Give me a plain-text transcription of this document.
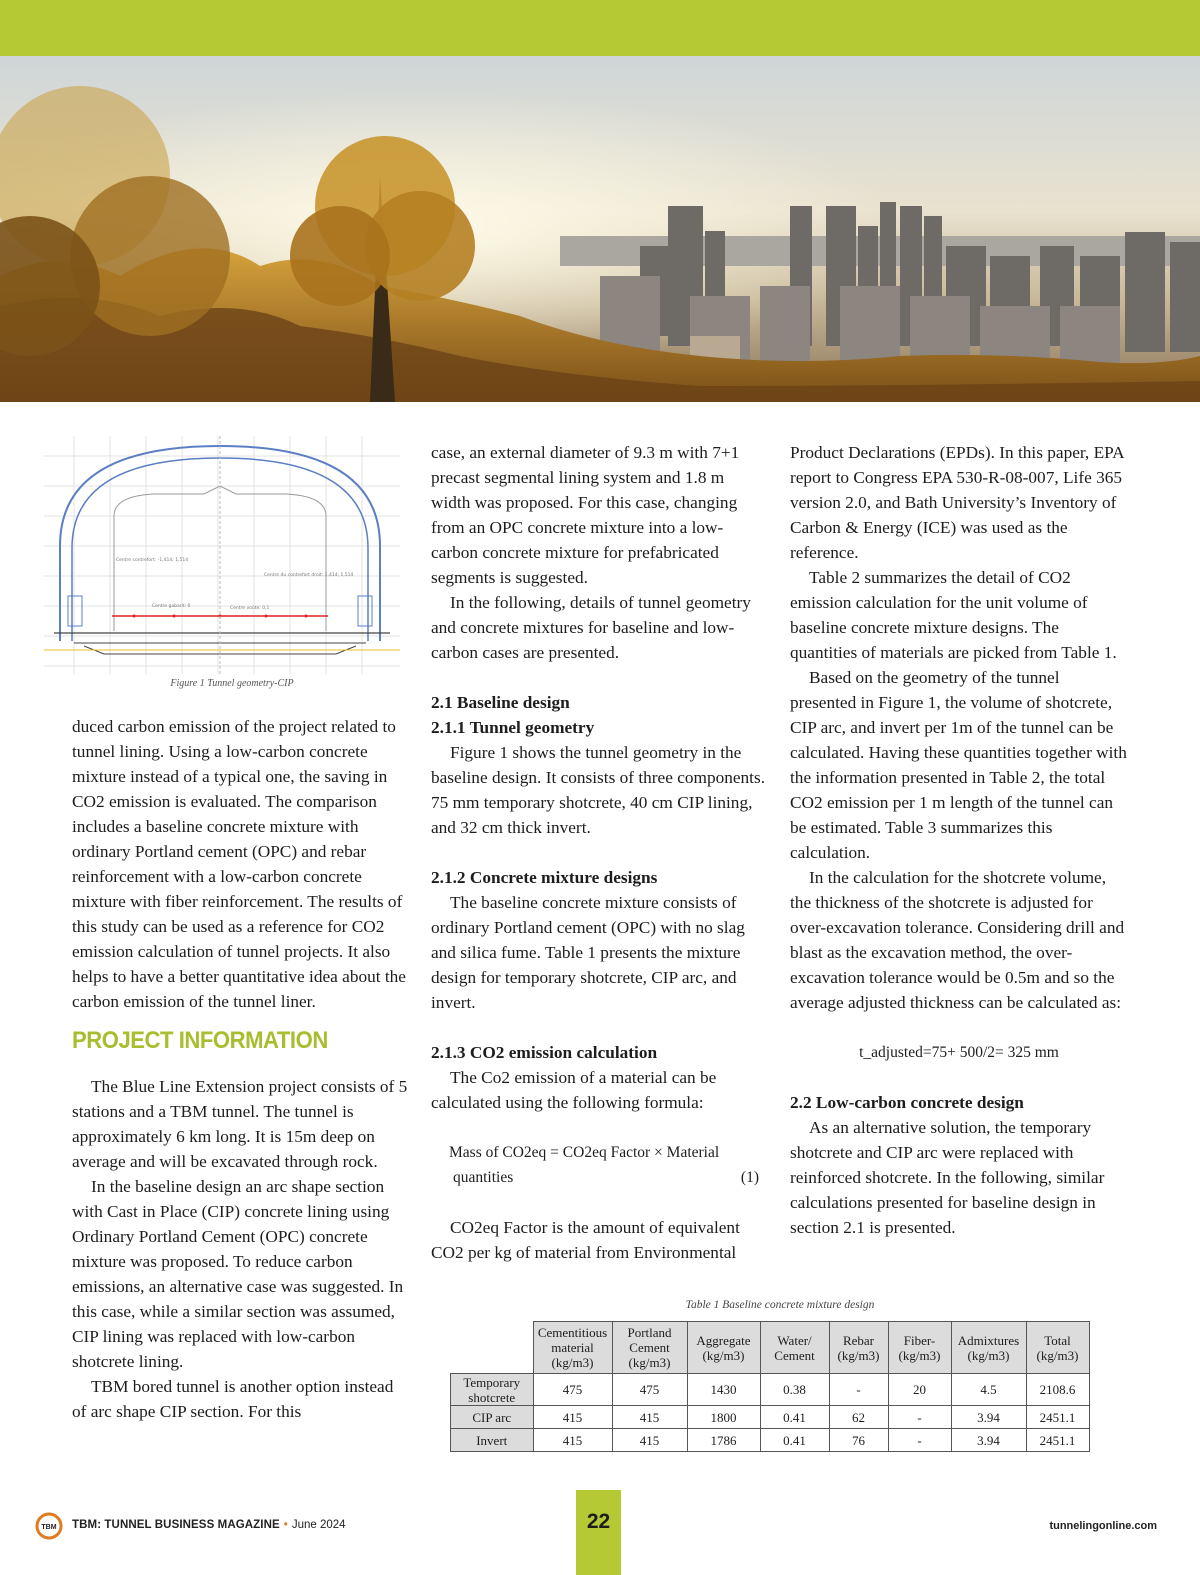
Centre contrefort: -1,414; 1,514
Centre du contrefort droit: 1,414; 1,514
Centre gabarit: 0	Centre voûte: 0,1
Figure 1 Tunnel geometry-CIP

duced carbon emission of the project related to tunnel lining. Using a low-carbon concrete mixture instead of a typical one, the saving in CO2 emission is evaluated. The comparison includes a baseline concrete mixture with ordinary Portland cement (OPC) and rebar reinforcement with a low-carbon concrete mixture with fiber reinforcement. The results of this study can be used as a reference for CO2 emission calculation of tunnel projects. It also helps to have a better quantitative idea about the carbon emission of the tunnel liner.

PROJECT INFORMATION

The Blue Line Extension project consists of 5 stations and a TBM tunnel. The tunnel is approximately 6 km long. It is 15m deep on average and will be excavated through rock.

In the baseline design an arc shape section with Cast in Place (CIP) concrete lining using Ordinary Portland Cement (OPC) concrete mixture was proposed. To reduce carbon emissions, an alternative case was suggested. In this case, while a similar section was assumed, CIP lining was replaced with low-carbon shotcrete lining.

TBM bored tunnel is another option instead of arc shape CIP section. For this

case, an external diameter of 9.3 m with 7+1 precast segmental lining system and 1.8 m width was proposed. For this case, changing from an OPC concrete mixture into a low-carbon concrete mixture for prefabricated segments is suggested.

In the following, details of tunnel geometry and concrete mixtures for baseline and low-carbon cases are presented.

2.1 Baseline design
2.1.1 Tunnel geometry

Figure 1 shows the tunnel geometry in the baseline design. It consists of three components. 75 mm temporary shotcrete, 40 cm CIP lining, and 32 cm thick invert.

2.1.2 Concrete mixture designs

The baseline concrete mixture consists of ordinary Portland cement (OPC) with no slag and silica fume. Table 1 presents the mixture design for temporary shotcrete, CIP arc, and invert.

2.1.3 CO2 emission calculation

The Co2 emission of a material can be calculated using the following formula:

Mass of CO2eq = CO2eq Factor × Material
quantities	(1)

CO2eq Factor is the amount of equivalent CO2 per kg of material from Environmental

Product Declarations (EPDs). In this paper, EPA report to Congress EPA 530-R-08-007, Life 365 version 2.0, and Bath University’s Inventory of Carbon & Energy (ICE) was used as the reference.

Table 2 summarizes the detail of CO2 emission calculation for the unit volume of baseline concrete mixture designs. The quantities of materials are picked from Table 1.

Based on the geometry of the tunnel presented in Figure 1, the volume of shotcrete, CIP arc, and invert per 1m of the tunnel can be calculated. Having these quantities together with the information presented in Table 2, the total CO2 emission per 1 m length of the tunnel can be estimated. Table 3 summarizes this calculation.

In the calculation for the shotcrete volume, the thickness of the shotcrete is adjusted for over-excavation tolerance. Considering drill and blast as the excavation method, the over-excavation tolerance would be 0.5m and so the average adjusted thickness can be calculated as:

t_adjusted=75+ 500/2= 325 mm
2.2 Low-carbon concrete design

As an alternative solution, the temporary shotcrete and CIP arc were replaced with reinforced shotcrete. In the following, similar calculations presented for baseline design in section 2.1 is presented.

Table 1 Baseline concrete mixture design
	Cementitious material (kg/m3)	Portland Cement (kg/m3)	Aggregate (kg/m3)	Water/ Cement	Rebar (kg/m3)	Fiber- (kg/m3)	Admixtures (kg/m3)	Total (kg/m3)
Temporary shotcrete	475	475	1430	0.38	-	20	4.5	2108.6
CIP arc	415	415	1800	0.41	62	-	3.94	2451.1
Invert	415	415	1786	0.41	76	-	3.94	2451.1
TBM TBM: TUNNEL BUSINESS MAGAZINE • June 2024	22	tunnelingonline.com
